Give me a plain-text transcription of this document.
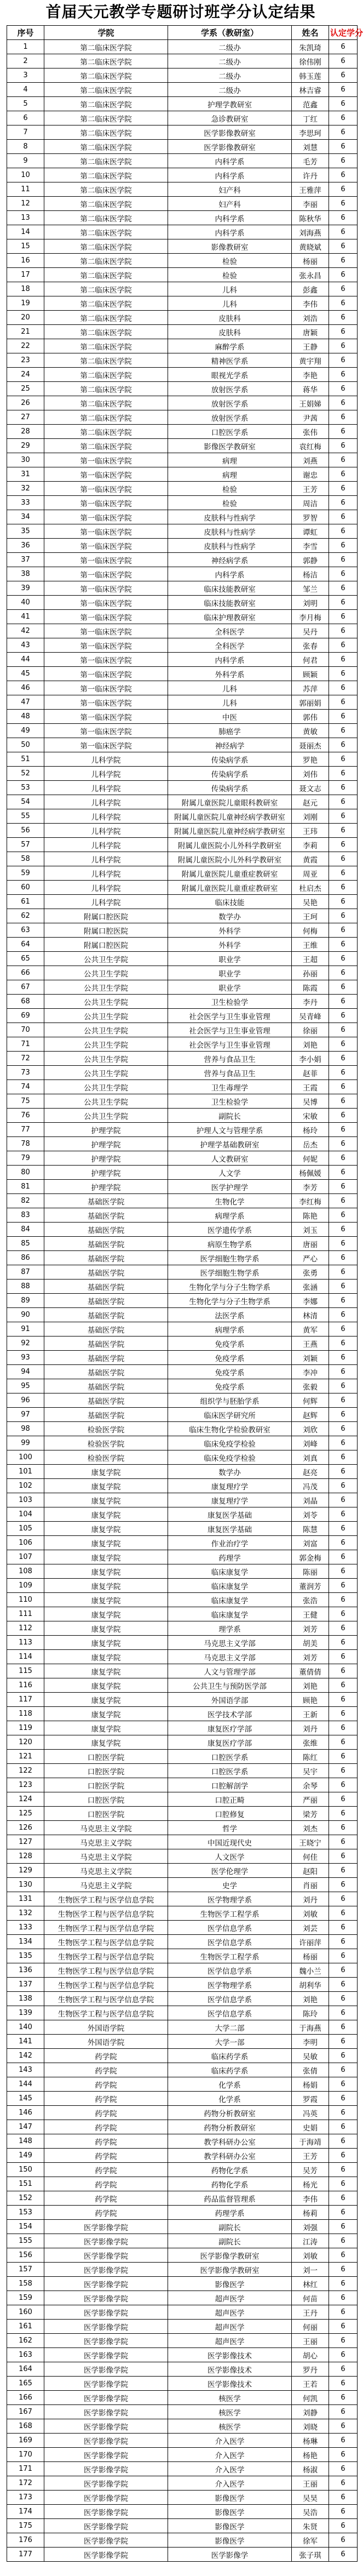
首届天元教学专题研讨班学分认定结果
序号	学院	学系（教研室）	姓名	认定学分
1	第二临床医学院	二级办	朱凯琦	6
2	第二临床医学院	二级办	徐伟刚	6
3	第二临床医学院	二级办	韩玉莲	6
4	第二临床医学院	二级办	林吉睿	6
5	第二临床医学院	护理学教研室	范鑫	6
6	第二临床医学院	急诊教研室	丁红	6
7	第二临床医学院	医学影像教研室	李思珂	6
8	第二临床医学院	医学影像教研室	刘慧	6
9	第二临床医学院	内科学系	毛芳	6
10	第二临床医学院	内科学系	许丹	6
11	第二临床医学院	妇产科	王雅萍	6
12	第二临床医学院	妇产科	李丽	6
13	第二临床医学院	内科学系	陈秋华	6
14	第二临床医学院	内科学系	刘海燕	6
15	第二临床医学院	影像教研室	黄晓斌	6
16	第二临床医学院	检验	杨丽	6
17	第二临床医学院	检验	张永昌	6
18	第二临床医学院	儿科	彭鑫	6
19	第二临床医学院	儿科	李伟	6
20	第二临床医学院	皮肤科	刘浩	6
21	第二临床医学院	皮肤科	唐颖	6
22	第二临床医学院	麻醉学系	王静	6
23	第二临床医学院	精神医学系	黄宇翔	6
24	第二临床医学院	眼视光学系	李艳	6
25	第二临床医学院	放射医学系	蒋华	6
26	第二临床医学院	放射医学系	王娟娣	6
27	第二临床医学院	放射医学系	尹茜	6
28	第二临床医学院	口腔医学系	张伟	6
29	第二临床医学院	影像医学教研室	袁红梅	6
30	第一临床医学院	病理	刘燕	6
31	第一临床医学院	病理	谢忠	6
32	第一临床医学院	检验	王芳	6
33	第一临床医学院	检验	周洁	6
34	第一临床医学院	皮肤科与性病学	罗智	6
35	第一临床医学院	皮肤科与性病学	谭虹	6
36	第一临床医学院	皮肤科与性病学	李雪	6
37	第一临床医学院	神经病学系	郭静	6
38	第一临床医学院	内科学系	杨洁	6
39	第一临床医学院	临床技能教研室	邹兰	6
40	第一临床医学院	临床技能教研室	刘明	6
41	第一临床医学院	临床护理教研室	李月梅	6
42	第一临床医学院	全科医学	吴丹	6
43	第一临床医学院	全科医学	张春	6
44	第一临床医学院	内科学系	何君	6
45	第一临床医学院	外科学系	顾颖	6
46	第一临床医学院	儿科	苏萍	6
47	第一临床医学院	儿科	郭丽娟	6
48	第一临床医学院	中医	郭伟	6
49	第一临床医学院	肺癌学	黄敏	6
50	第一临床医学院	神经病学	聂丽杰	6
51	儿科学院	传染病学系	罗艳	6
52	儿科学院	传染病学系	刘伟	6
53	儿科学院	传染病学系	聂文志	6
54	儿科学院	附属儿童医院儿童眼科教研室	赵元	6
55	儿科学院	附属儿童医院儿童神经病学教研室	刘刚	6
56	儿科学院	附属儿童医院儿童神经病学教研室	王玮	6
57	儿科学院	附属儿童医院小儿外科学教研室	李莉	6
58	儿科学院	附属儿童医院小儿外科学教研室	黄霞	6
59	儿科学院	附属儿童医院儿童重症教研室	周亚	6
60	儿科学院	附属儿童医院儿童重症教研室	杜启杰	6
61	儿科学院	临床技能	吴艳	6
62	附属口腔医院	数学办	王珂	6
63	附属口腔医院	外科学	何梅	6
64	附属口腔医院	外科学	王维	6
65	公共卫生学院	职业学	王超	6
66	公共卫生学院	职业学	孙丽	6
67	公共卫生学院	职业学	陈霞	6
68	公共卫生学院	卫生检验学	李丹	6
69	公共卫生学院	社会医学与卫生事业管理	吴青峰	6
70	公共卫生学院	社会医学与卫生事业管理	徐丽	6
71	公共卫生学院	社会医学与卫生事业管理	刘艳	6
72	公共卫生学院	营养与食品卫生	李小娟	6
73	公共卫生学院	营养与食品卫生	赵菲	6
74	公共卫生学院	卫生毒理学	王霞	6
75	公共卫生学院	卫生检验学	吴博	6
76	公共卫生学院	副院长	宋敏	6
77	护理学院	护理人文与管理学系	杨玲	6
78	护理学院	护理学基础教研室	岳杰	6
79	护理学院	人文教研室	何妮	6
80	护理学院	人文学	杨佩媛	6
81	护理学院	医学护理学	李芳	6
82	基础医学院	生物化学	李红梅	6
83	基础医学院	病理学系	陈艳	6
84	基础医学院	医学遗传学系	刘玉	6
85	基础医学院	病原生物学系	唐丽	6
86	基础医学院	医学细胞生物学系	严心	6
87	基础医学院	医学细胞生物学系	张勇	6
88	基础医学院	生物化学与分子生物学系	张涵	6
89	基础医学院	生物化学与分子生物学系	李娜	6
90	基础医学院	法医学系	林清	6
91	基础医学院	病理学系	黄军	6
92	基础医学院	免疫学系	王燕	6
93	基础医学院	免疫学系	刘颖	6
94	基础医学院	免疫学系	李冲	6
95	基础医学院	免疫学系	张毅	6
96	基础医学院	组织学与胚胎学系	何辉	6
97	基础医学院	临床医学研究所	赵辉	6
98	检验医学院	临床生物化学检验教研室	刘欣	6
99	检验医学院	临床免疫学检验	刘峰	6
100	检验医学院	临床免疫学检验	刘真	6
101	康复学院	数学办	赵亮	6
102	康复学院	康复理疗学	冯茂	6
103	康复学院	康复理疗学	刘晶	6
104	康复学院	康复医学基础	刘苓	6
105	康复学院	康复医学基础	陈慧	6
106	康复学院	作业治疗学	刘富	6
107	康复学院	药理学	郭金梅	6
108	康复学院	临床康复学	陈丽	6
109	康复学院	临床康复学	董润芳	6
110	康复学院	临床康复学	张浩	6
111	康复学院	临床康复学	王健	6
112	康复学院	理学系	刘芳	6
113	康复学院	马克思主义学部	胡美	6
114	康复学院	马克思主义学部	刘芳	6
115	康复学院	人文与管理学部	董倩倩	6
116	康复学院	公共卫生与预防医学部	刘艳	6
117	康复学院	外国语学部	顾艳	6
118	康复学院	医学技术学部	王新	6
119	康复学院	康复医疗学部	刘丹	6
120	康复学院	康复医疗学部	张维	6
121	口腔医学院	口腔医学系	陈红	6
122	口腔医学院	口腔医学系	吴宇	6
123	口腔医学院	口腔解剖学	余琴	6
124	口腔医学院	口腔正畸	严丽	6
125	口腔医学院	口腔修复	梁芳	6
126	马克思主义学院	哲学	刘杰	6
127	马克思主义学院	中国近现代史	王晓宁	6
128	马克思主义学院	人文医学	何佳	6
129	马克思主义学院	医学伦理学	赵阳	6
130	马克思主义学院	史学	肖丽	6
131	生物医学工程与医学信息学院	医学物理学系	刘丹	6
132	生物医学工程与医学信息学院	生物医学工程学系	刘敏	6
133	生物医学工程与医学信息学院	医学信息学系	刘芸	6
134	生物医学工程与医学信息学院	医学信息学系	许丽萍	6
135	生物医学工程与医学信息学院	生物医学工程学系	杨丽	6
136	生物医学工程与医学信息学院	医学信息学系	魏小兰	6
137	生物医学工程与医学信息学院	医学物理学系	胡利华	6
138	生物医学工程与医学信息学院	医学信息学系	刘艳	6
139	生物医学工程与医学信息学院	医学信息学系	陈玲	6
140	外国语学院	大学二部	于海燕	6
141	外国语学院	大学一部	李明	6
142	药学院	临床药学系	吴敏	6
143	药学院	临床药学系	张倩	6
144	药学院	化学系	杨娟	6
145	药学院	化学系	罗霞	6
146	药学院	药物分析教研室	冯英	6
147	药学院	药物分析教研室	史娟	6
148	药学院	教学科研办公室	于海靖	6
149	药学院	教学科研办公室	王芳	6
150	药学院	药物化学系	吴芳	6
151	药学院	药物化学系	杨光	6
152	药学院	药品监督管理系	李伟	6
153	药学院	药理学系	杨莉	6
154	医学影像学院	副院长	刘强	6
155	医学影像学院	副院长	江涛	6
156	医学影像学院	医学影像学教研室	刘敏	6
157	医学影像学院	医学影像学教研室	刘一	6
158	医学影像学院	影像医学	林红	6
159	医学影像学院	超声医学	何苗	6
160	医学影像学院	超声医学	王丹	6
161	医学影像学院	超声医学	何丽	6
162	医学影像学院	超声医学	王丽	6
163	医学影像学院	医学影像技术	胡心	6
164	医学影像学院	医学影像技术	罗丹	6
165	医学影像学院	医学影像技术	王若	6
166	医学影像学院	核医学	何凯	6
167	医学影像学院	核医学	刘静	6
168	医学影像学院	核医学	刘晓	6
169	医学影像学院	介入医学	杨琳	6
170	医学影像学院	介入医学	杨艳	6
171	医学影像学院	介入医学	杨淑	6
172	医学影像学院	介入医学	王丽	6
173	医学影像学院	影像医学	吴昊	6
174	医学影像学院	影像医学	吴浩	6
175	医学影像学院	影像医学	朱贤	6
176	医学影像学院	影像医学	徐军	6
177	医学影像学院	医学影像学	张子琪	6
